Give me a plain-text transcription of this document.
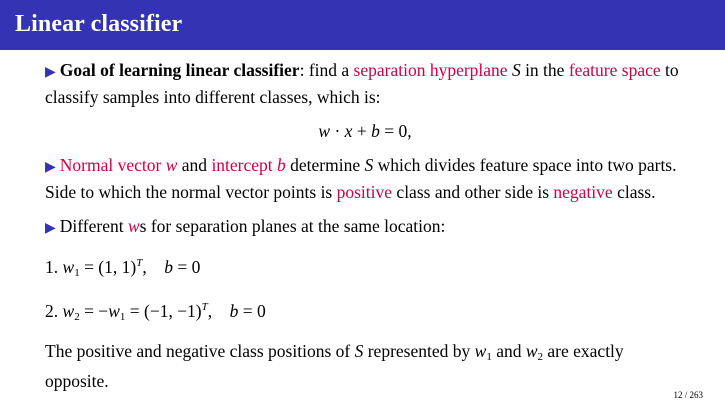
Linear classifier

▶ Goal of learning linear classifier: find a separation hyperplane S in the feature space to classify samples into different classes, which is:

w · x + b = 0,

▶ Normal vector w and intercept b determine S which divides feature space into two parts. Side to which the normal vector points is positive class and other side is negative class.

▶ Different ws for separation planes at the same location:

1. $w_1 = (1$, 1)$^T$, b = 0

2. $w_2 = -w_1 = (-1$, −1)$^T$, b = 0

The positive and negative class positions of S represented by $w_1$ and $w_2$ are exactly opposite.

12 / 263
